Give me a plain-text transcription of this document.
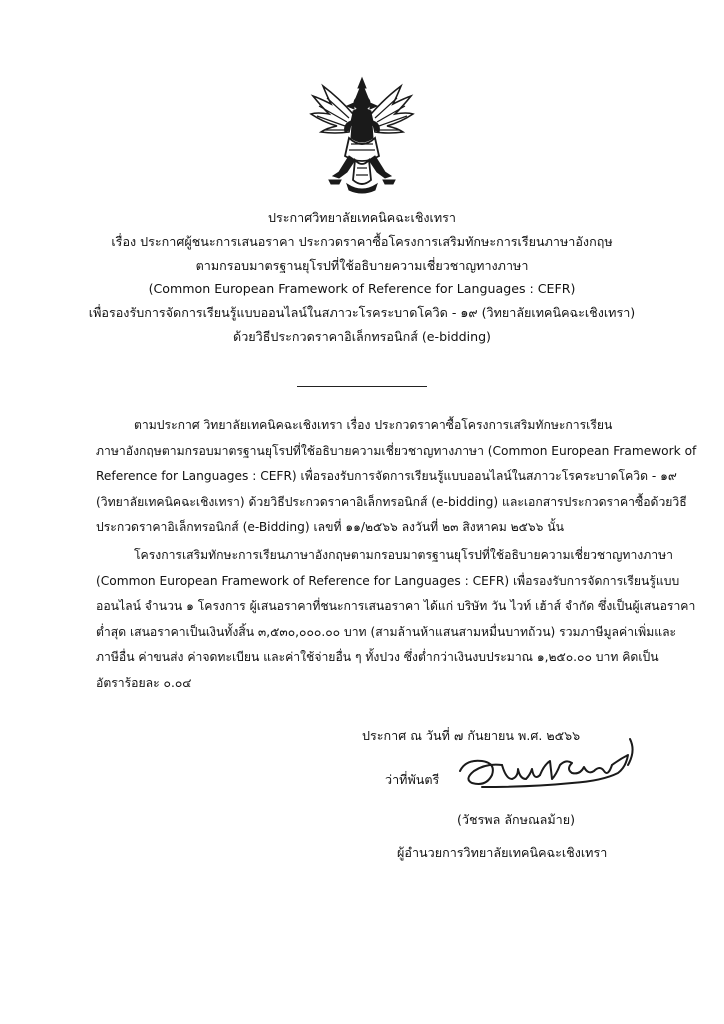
ประกาศวิทยาลัยเทคนิคฉะเชิงเทรา
เรื่อง ประกาศผู้ชนะการเสนอราคา ประกวดราคาซื้อโครงการเสริมทักษะการเรียนภาษาอังกฤษ
ตามกรอบมาตรฐานยุโรปที่ใช้อธิบายความเชี่ยวชาญทางภาษา
(Common European Framework of Reference for Languages : CEFR)
เพื่อรองรับการจัดการเรียนรู้แบบออนไลน์ในสภาวะโรคระบาดโควิด - ๑๙ (วิทยาลัยเทคนิคฉะเชิงเทรา)
ด้วยวิธีประกวดราคาอิเล็กทรอนิกส์ (e-bidding)
ตามประกาศ วิทยาลัยเทคนิคฉะเชิงเทรา เรื่อง ประกวดราคาซื้อโครงการเสริมทักษะการเรียน
ภาษาอังกฤษตามกรอบมาตรฐานยุโรปที่ใช้อธิบายความเชี่ยวชาญทางภาษา (Common European Framework of
Reference for Languages : CEFR) เพื่อรองรับการจัดการเรียนรู้แบบออนไลน์ในสภาวะโรคระบาดโควิด - ๑๙
(วิทยาลัยเทคนิคฉะเชิงเทรา) ด้วยวิธีประกวดราคาอิเล็กทรอนิกส์ (e-bidding) และเอกสารประกวดราคาซื้อด้วยวิธี
ประกวดราคาอิเล็กทรอนิกส์ (e-Bidding) เลขที่ ๑๑/๒๕๖๖ ลงวันที่ ๒๓ สิงหาคม ๒๕๖๖ นั้น
โครงการเสริมทักษะการเรียนภาษาอังกฤษตามกรอบมาตรฐานยุโรปที่ใช้อธิบายความเชี่ยวชาญทางภาษา
(Common European Framework of Reference for Languages : CEFR) เพื่อรองรับการจัดการเรียนรู้แบบ
ออนไลน์ จำนวน ๑ โครงการ ผู้เสนอราคาที่ชนะการเสนอราคา ได้แก่ บริษัท วัน ไวท์ เฮ้าส์ จำกัด ซึ่งเป็นผู้เสนอราคา
ต่ำสุด เสนอราคาเป็นเงินทั้งสิ้น ๓,๕๓๐,๐๐๐.๐๐ บาท (สามล้านห้าแสนสามหมื่นบาทถ้วน) รวมภาษีมูลค่าเพิ่มและ
ภาษีอื่น ค่าขนส่ง ค่าจดทะเบียน และค่าใช้จ่ายอื่น ๆ ทั้งปวง ซึ่งต่ำกว่าเงินงบประมาณ ๑,๒๕๐.๐๐ บาท คิดเป็น
อัตราร้อยละ ๐.๐๔
ประกาศ ณ วันที่ ๗ กันยายน พ.ศ. ๒๕๖๖
ว่าที่พันตรี
(วัชรพล ลักษณลม้าย)
ผู้อำนวยการวิทยาลัยเทคนิคฉะเชิงเทรา
